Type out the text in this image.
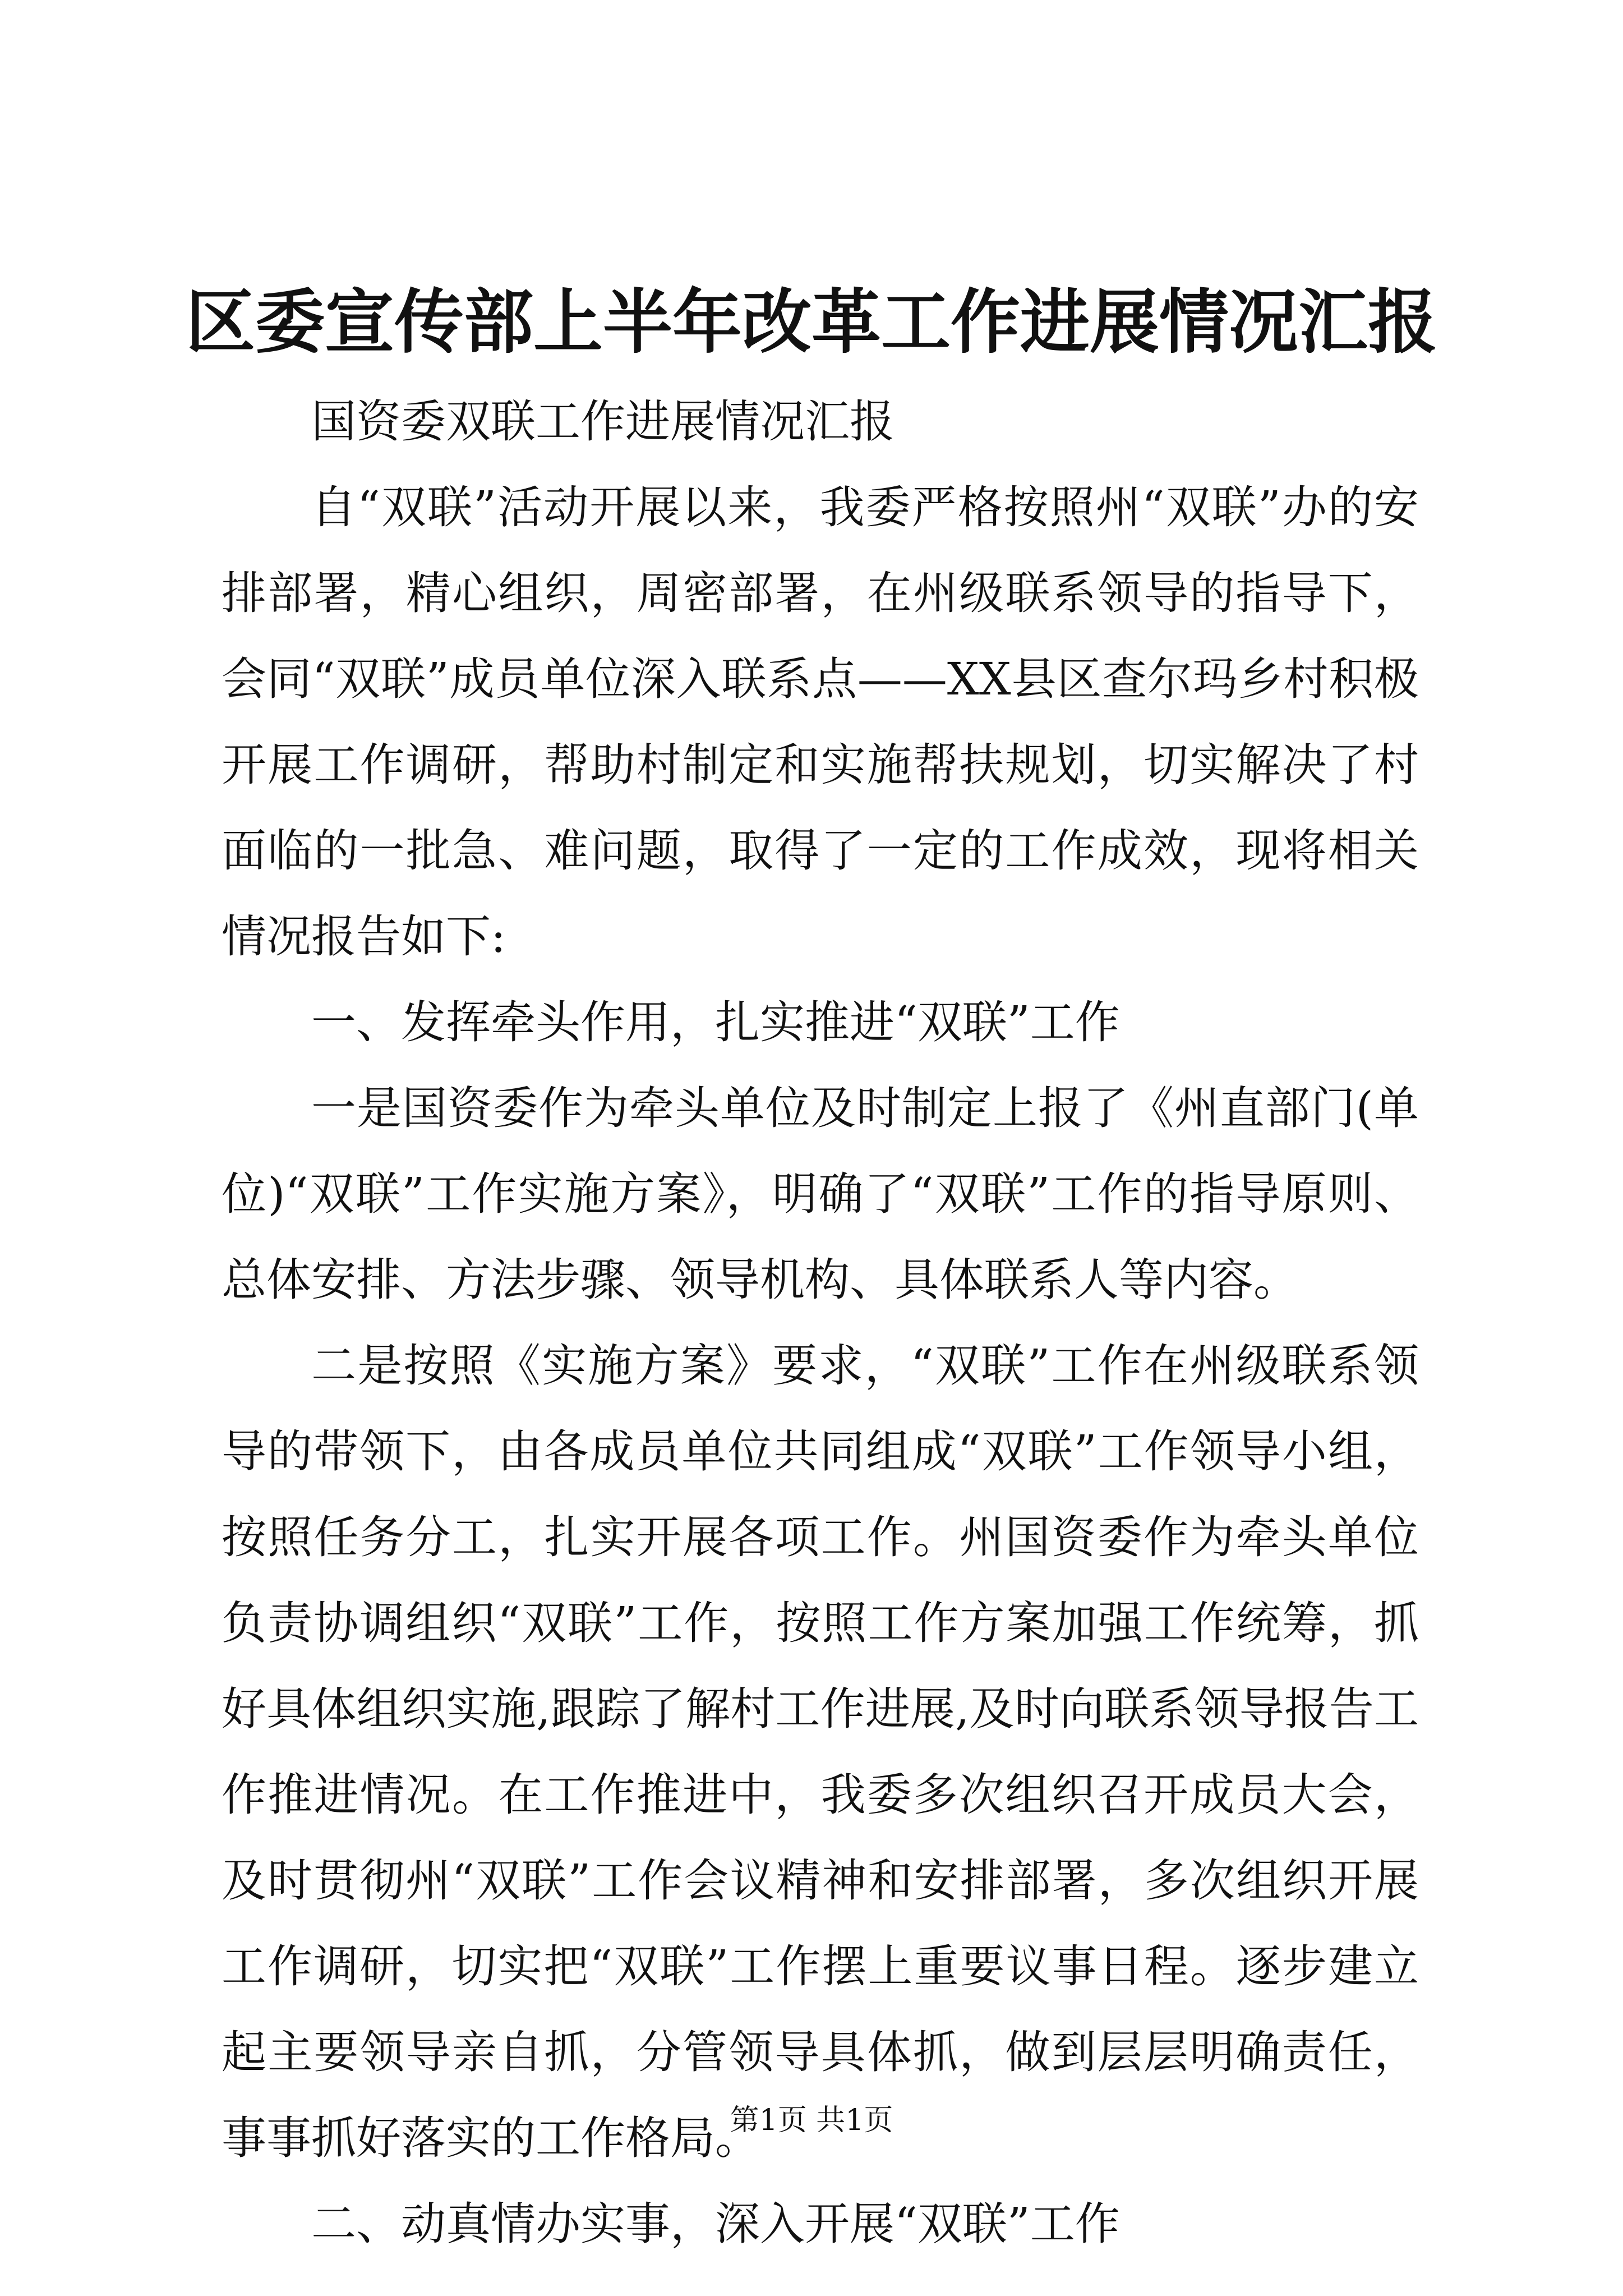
区委宣传部上半年改革工作进展情况汇报

国资委双联工作进展情况汇报

自“双联”活动开展以来，我委严格按照州“双联”办的安排部署，精心组织，周密部署，在州级联系领导的指导下，会同“双联”成员单位深入联系点——XX县区查尔玛乡村积极开展工作调研，帮助村制定和实施帮扶规划，切实解决了村面临的一批急、难问题，取得了一定的工作成效，现将相关情况报告如下:

一、发挥牵头作用，扎实推进“双联”工作

一是国资委作为牵头单位及时制定上报了《州直部门(单位)“双联”工作实施方案》，明确了“双联”工作的指导原则、总体安排、方法步骤、领导机构、具体联系人等内容。

二是按照《实施方案》要求，“双联”工作在州级联系领导的带领下，由各成员单位共同组成“双联”工作领导小组，按照任务分工，扎实开展各项工作。州国资委作为牵头单位负责协调组织“双联”工作，按照工作方案加强工作统筹，抓好具体组织实施,跟踪了解村工作进展,及时向联系领导报告工作推进情况。在工作推进中，我委多次组织召开成员大会，及时贯彻州“双联”工作会议精神和安排部署，多次组织开展工作调研，切实把“双联”工作摆上重要议事日程。逐步建立起主要领导亲自抓，分管领导具体抓，做到层层明确责任，事事抓好落实的工作格局。

二、动真情办实事，深入开展“双联”工作

第1页 共1页
